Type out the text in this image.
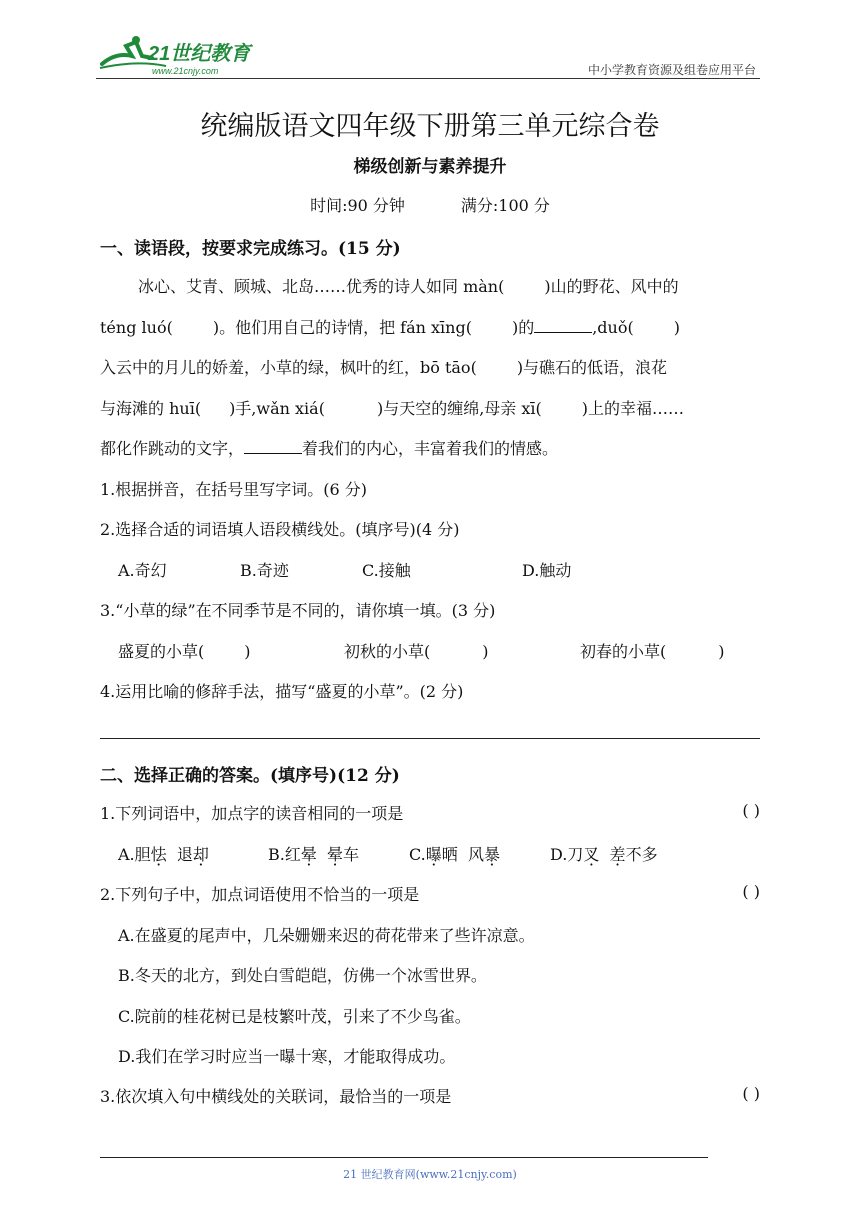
21世纪教育
www.21cnjy.com	中小学教育资源及组卷应用平台
统编版语文四年级下册第三单元综合卷
梯级创新与素养提升
时间:90 分钟	满分:100 分
一、读语段，按要求完成练习。(15 分)
冰心、艾青、顾城、北岛……优秀的诗人如同 màn(	)山的野花、风中的
téng luó(	)。他们用自己的诗情，把 fán xīng(	)的	,duǒ(	)
入云中的月儿的娇羞，小草的绿，枫叶的红，bō tāo(	)与礁石的低语，浪花
与海滩的 huī( )手,wǎn xiá(	)与天空的缠绵,母亲 xī(	)上的幸福……
都化作跳动的文字，	着我们的内心，丰富着我们的情感。
1.根据拼音，在括号里写字词。(6 分)
2.选择合适的词语填人语段横线处。(填序号)(4 分)
A.奇幻	B.奇迹	C.接触	D.触动
3.“小草的绿”在不同季节是不同的，请你填一填。(3 分)
盛夏的小草(	)	初秋的小草(	)	初春的小草(	)
4.运用比喻的修辞手法，描写“盛夏的小草”。(2 分)
二、选择正确的答案。(填序号)(12 分)
1.下列词语中，加点字的读音相同的一项是	( )
A.胆怯  退却	B.红晕 晕车	C.曝晒  风暴	D.刀叉 差不多
2.下列句子中，加点词语使用不恰当的一项是	( )
A.在盛夏的尾声中，几朵姗姗来迟的荷花带来了些许凉意。
B.冬天的北方，到处白雪皑皑，仿佛一个冰雪世界。
C.院前的桂花树已是枝繁叶茂，引来了不少鸟雀。
D.我们在学习时应当一曝十寒，才能取得成功。
3.依次填入句中横线处的关联词，最恰当的一项是	( )
21 世纪教育网(www.21cnjy.com)
